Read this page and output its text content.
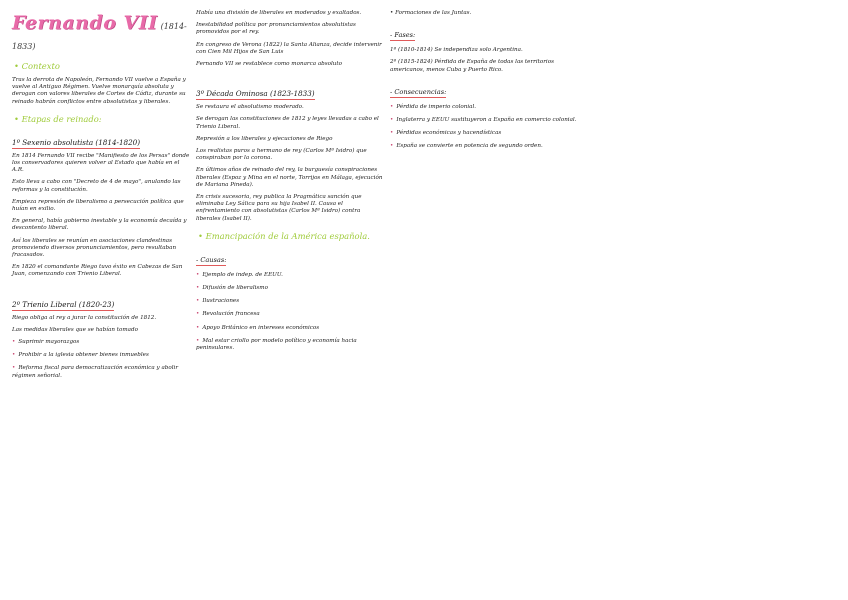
Fernando VII (1814-1833)
• Contexto

Tras la derrota de Napoleón, Fernando VII vuelve a España y vuelve al Antiguo Régimen. Vuelve monarquía absoluta y derogan con valores liberales de Cortes de Cádiz, durante su reinado habrán conflictos entre absolutistas y liberales.

• Etapas de reinado:
1º Sexenio absolutista (1814-1820)

En 1814 Fernando VII recibe "Manifiesto de los Persas" donde los conservadores quieren volver al Estado que había en el A.R.

Esto lleva a cabo con "Decreto de 4 de mayo", anulando las reformas y la constitución.

Empieza represión de liberalismo a persecución política que huían en exilio.

En general, había gobierno inestable y la economía decaída y descontento liberal.

Así los liberales se reunían en asociaciones clandestinas promoviendo diversos pronunciamientos, pero resultaban fracasados.

En 1820 el comandante Riego tuvo éxito en Cabezas de San Juan, comenzando con Trienio Liberal.

2º Trienio Liberal (1820-23)

Riego obliga al rey a jurar la constitución de 1812.

Las medidas liberales que se habían tomado

• Suprimir mayorazgos
• Prohibir a la iglesia obtener bienes inmuebles
• Reforma fiscal para democratización económica y abolir régimen señorial.

Había una división de liberales en moderados y exaltados.

Inestabilidad política por pronunciamientos absolutistas promovidos por el rey.

En congreso de Verona (1822) la Santa Alianza, decide intervenir con Cien Mil Hijos de San Luis

Fernando VII se restablece como monarca absoluto

3º Década Ominosa (1823-1833)

Se restaura el absolutismo moderado.

Se derogan las constituciones de 1812 y leyes llevadas a cabo el Trienio Liberal.

Represión a los liberales y ejecuciones de Riego

Los realistas puros a hermano de rey (Carlos Mª Isidro) que conspiraban por la corona.

En últimos años de reinado del rey, la burguesía conspiraciones liberales (Espoz y Mina en el norte, Torrijos en Málaga, ejecución de Mariana Pineda).

En crisis sucesoria, rey publica la Pragmática sanción que eliminaba Ley Sálica para su hija Isabel II. Causa el enfrentamiento con absolutistas (Carlos Mª Isidro) contra liberales (Isabel II).

• Emancipación de la América española.
- Causas:
• Ejemplo de indep. de EEUU.
• Difusión de liberalismo
• Ilustraciones
• Revolución francesa
• Apoyo Británico en intereses económicos
• Mal estar criollo por modelo político y economía hacia peninsulares.

• Formaciones de las Juntas.

- Fases:

1ª (1810-1814) Se independiza solo Argentina.

2ª (1815-1824) Pérdida de España de todas las territorios americanos, menos Cuba y Puerto Rico.

- Consecuencias:
• Pérdida de imperio colonial.
• Inglaterra y EEUU sustituyeron a España en comercio colonial.
• Pérdidas económicas y hacendísticas
• España se convierte en potencia de segundo orden.
